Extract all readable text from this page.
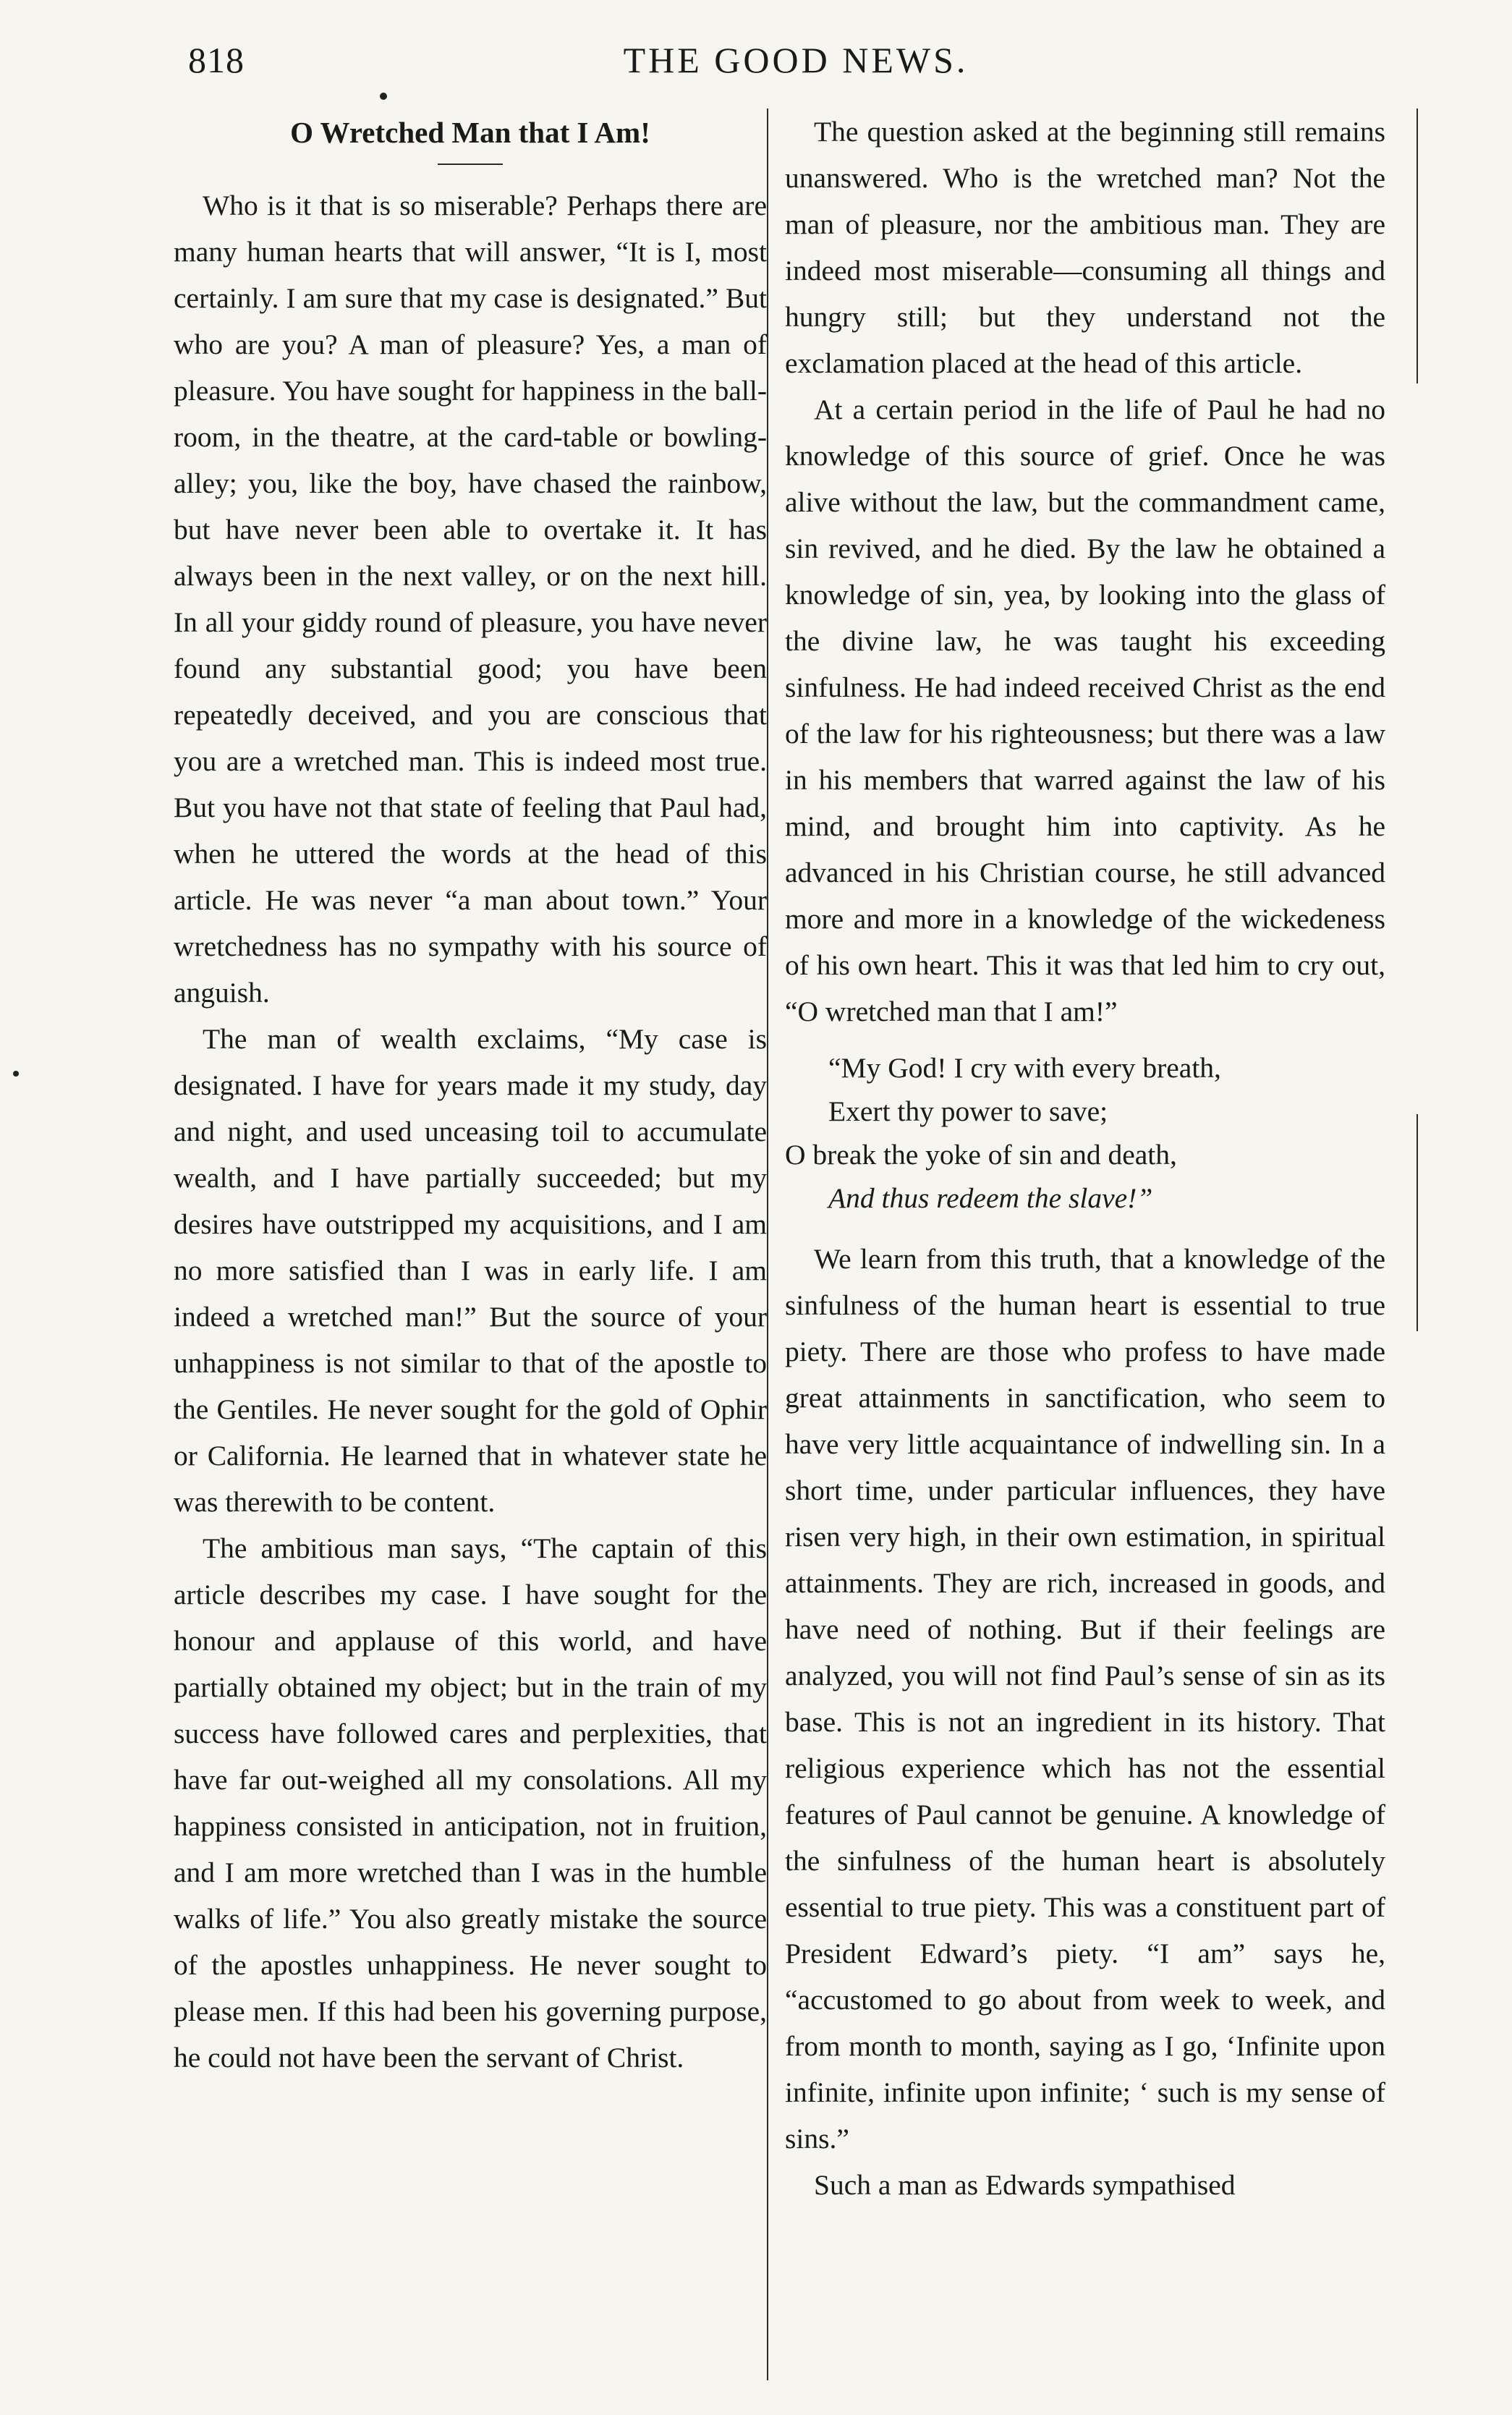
818	THE GOOD NEWS.
O Wretched Man that I Am!

Who is it that is so miserable? Perhaps there are many human hearts that will answer, “It is I, most certainly. I am sure that my case is designated.” But who are you? A man of pleasure? Yes, a man of pleasure. You have sought for happiness in the ball-room, in the theatre, at the card-table or bowling-alley; you, like the boy, have chased the rainbow, but have never been able to overtake it. It has always been in the next valley, or on the next hill. In all your giddy round of pleasure, you have never found any substantial good; you have been repeatedly deceived, and you are conscious that you are a wretched man. This is indeed most true. But you have not that state of feeling that Paul had, when he uttered the words at the head of this article. He was never “a man about town.” Your wretchedness has no sympathy with his source of anguish.

The man of wealth exclaims, “My case is designated. I have for years made it my study, day and night, and used unceasing toil to accumulate wealth, and I have partially succeeded; but my desires have outstripped my acquisitions, and I am no more satisfied than I was in early life. I am indeed a wretched man!” But the source of your unhappiness is not similar to that of the apostle to the Gentiles. He never sought for the gold of Ophir or California. He learned that in whatever state he was therewith to be content.

The ambitious man says, “The captain of this article describes my case. I have sought for the honour and applause of this world, and have partially obtained my object; but in the train of my success have followed cares and perplexities, that have far out-weighed all my consolations. All my happiness consisted in anticipation, not in fruition, and I am more wretched than I was in the humble walks of life.” You also greatly mistake the source of the apostles unhappiness. He never sought to please men. If this had been his governing purpose, he could not have been the servant of Christ.

The question asked at the beginning still remains unanswered. Who is the wretched man? Not the man of pleasure, nor the ambitious man. They are indeed most miserable—consuming all things and hungry still; but they understand not the exclamation placed at the head of this article.

At a certain period in the life of Paul he had no knowledge of this source of grief. Once he was alive without the law, but the commandment came, sin revived, and he died. By the law he obtained a knowledge of sin, yea, by looking into the glass of the divine law, he was taught his exceeding sinfulness. He had indeed received Christ as the end of the law for his righteousness; but there was a law in his members that warred against the law of his mind, and brought him into captivity. As he advanced in his Christian course, he still advanced more and more in a knowledge of the wickedeness of his own heart. This it was that led him to cry out, “O wretched man that I am!”

“My God! I cry with every breath,
Exert thy power to save;
O break the yoke of sin and death,
And thus redeem the slave!”

We learn from this truth, that a knowledge of the sinfulness of the human heart is essential to true piety. There are those who profess to have made great attainments in sanctification, who seem to have very little acquaintance of indwelling sin. In a short time, under particular influences, they have risen very high, in their own estimation, in spiritual attainments. They are rich, increased in goods, and have need of nothing. But if their feelings are analyzed, you will not find Paul’s sense of sin as its base. This is not an ingredient in its history. That religious experience which has not the essential features of Paul cannot be genuine. A knowledge of the sinfulness of the human heart is absolutely essential to true piety. This was a constituent part of President Edward’s piety. “I am” says he, “accustomed to go about from week to week, and from month to month, saying as I go, ‘Infinite upon infinite, infinite upon infinite; ‘ such is my sense of sins.”

Such a man as Edwards sympathised
